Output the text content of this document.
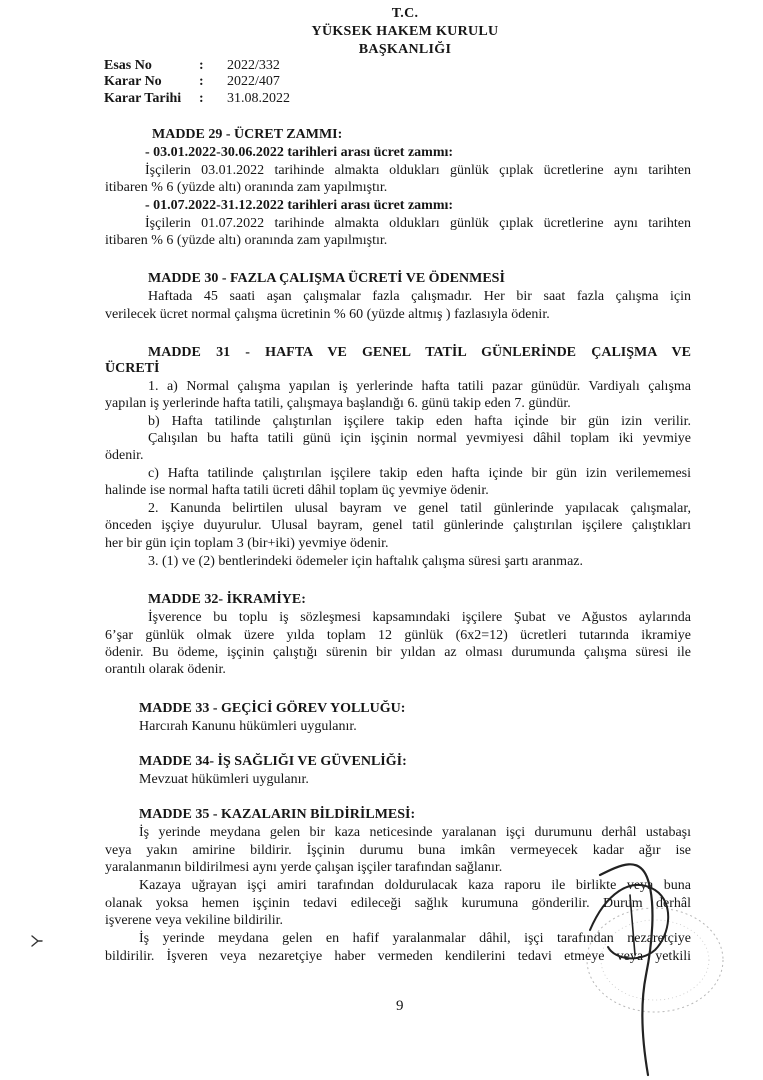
T.C.
YÜKSEK HAKEM KURULU
BAŞKANLIĞI
Esas No	: 2022/332
Karar No	: 2022/407
Karar Tarihi : 31.08.2022
MADDE 29 - ÜCRET ZAMMI:
- 03.01.2022-30.06.2022 tarihleri arası ücret zammı:
İşçilerin 03.01.2022 tarihinde almakta oldukları günlük çıplak ücretlerine aynı tarihten
itibaren % 6 (yüzde altı) oranında zam yapılmıştır.
- 01.07.2022-31.12.2022 tarihleri arası ücret zammı:
İşçilerin 01.07.2022 tarihinde almakta oldukları günlük çıplak ücretlerine aynı tarihten
itibaren % 6 (yüzde altı) oranında zam yapılmıştır.
MADDE 30 - FAZLA ÇALIŞMA ÜCRETİ VE ÖDENMESİ
Haftada 45 saati aşan çalışmalar fazla çalışmadır. Her bir saat fazla çalışma için
verilecek ücret normal çalışma ücretinin % 60 (yüzde altmış ) fazlasıyla ödenir.
MADDE 31 - HAFTA VE GENEL TATİL GÜNLERİNDE ÇALIŞMA VE
ÜCRETİ
1. a) Normal çalışma yapılan iş yerlerinde hafta tatili pazar günüdür. Vardiyalı çalışma
yapılan iş yerlerinde hafta tatili, çalışmaya başlandığı 6. günü takip eden 7. gündür.
b) Hafta tatilinde çalıştırılan işçilere takip eden hafta içi̇nde bir gün izin verilir.
Çalışılan bu hafta tatili günü için işçinin normal yevmiyesi dâhil toplam iki yevmiye
ödenir.
c) Hafta tatilinde çalıştırılan işçilere takip eden hafta içinde bir gün izin verilememesi
halinde ise normal hafta tatili ücreti dâhil toplam üç yevmiye ödenir.
2. Kanunda belirtilen ulusal bayram ve genel tatil günlerinde yapılacak çalışmalar,
önceden işçiye duyurulur. Ulusal bayram, genel tatil günlerinde çalıştırılan işçilere çalıştıkları
her bir gün için toplam 3 (bir+iki) yevmiye ödenir.
3. (1) ve (2) bentlerindeki ödemeler için haftalık çalışma süresi şartı aranmaz.
MADDE 32- İKRAMİYE:
İşverence bu toplu iş sözleşmesi kapsamındaki işçilere Şubat ve Ağustos aylarında
6’şar günlük olmak üzere yılda toplam 12 günlük (6x2=12) ücretleri tutarında ikramiye
ödenir. Bu ödeme, işçinin çalıştığı sürenin bir yıldan az olması durumunda çalışma süresi ile
orantılı olarak ödenir.
MADDE 33 - GEÇİCİ GÖREV YOLLUĞU:
Harcırah Kanunu hükümleri uygulanır.
MADDE 34- İŞ SAĞLIĞI VE GÜVENLİĞİ:
Mevzuat hükümleri uygulanır.
MADDE 35 - KAZALARIN BİLDİRİLMESİ:
İş yerinde meydana gelen bir kaza neticesinde yaralanan işçi durumunu derhâl ustabaşı
veya yakın amirine bildirir. İşçinin durumu buna imkân vermeyecek kadar ağır ise
yaralanmanın bildirilmesi aynı yerde çalışan işçiler tarafından sağlanır.
Kazaya uğrayan işçi amiri tarafından doldurulacak kaza raporu ile birlikte veya buna
olanak yoksa hemen işçinin tedavi edileceği sağlık kurumuna gönderilir. Durum derhâl
işverene veya vekiline bildirilir.
İş yerinde meydana gelen en hafif yaralanmalar dâhil, işçi tarafından nezaretçiye
bildirilir. İşveren veya nezaretçiye haber vermeden kendilerini tedavi etmeye veya yetkili
9
